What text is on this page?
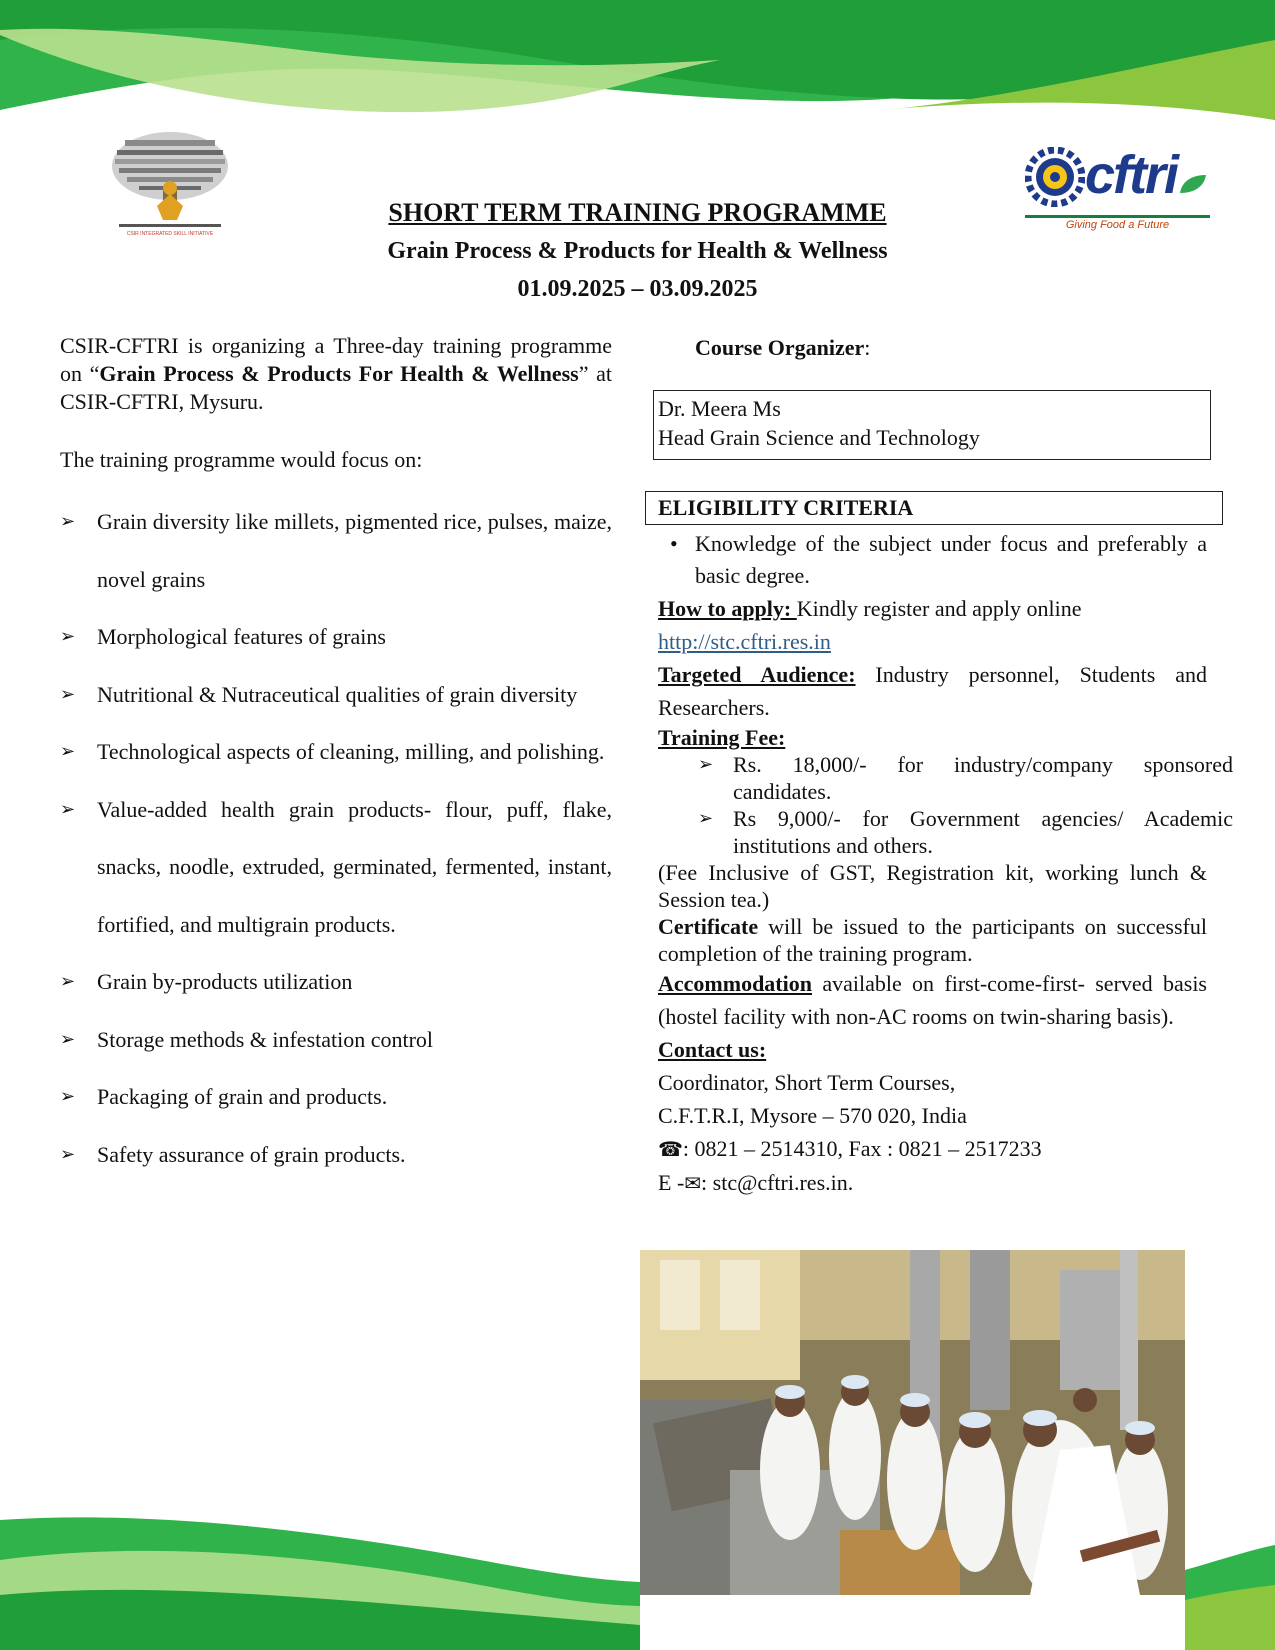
CSIR INTEGRATED SKILL INITIATIVE
cftri
Giving Food a Future
SHORT TERM TRAINING PROGRAMME
Grain Process & Products for Health & Wellness
01.09.2025 – 03.09.2025

CSIR-CFTRI is organizing a Three-day training programme on “Grain Process & Products For Health & Wellness” at CSIR-CFTRI, Mysuru.

The training programme would focus on:

➢ Grain diversity like millets, pigmented rice, pulses, maize, novel grains
➢ Morphological features of grains
➢ Nutritional & Nutraceutical qualities of grain diversity
➢ Technological aspects of cleaning, milling, and polishing.
➢ Value-added health grain products- flour, puff, flake, snacks, noodle, extruded, germinated, fermented, instant, fortified, and multigrain products.
➢ Grain by-products utilization
➢ Storage methods & infestation control
➢ Packaging of grain and products.
➢ Safety assurance of grain products.
Course Organizer:
Dr. Meera Ms
Head Grain Science and Technology
ELIGIBILITY CRITERIA
• Knowledge of the subject under focus and preferably a basic degree.
How to apply: Kindly register and apply online
http://stc.cftri.res.in
Targeted Audience: Industry personnel, Students and Researchers.
Training Fee:
➢ Rs. 18,000/- for industry/company sponsored candidates.
➢ Rs 9,000/- for Government agencies/ Academic institutions and others.
(Fee Inclusive of GST, Registration kit, working lunch & Session tea.)
Certificate will be issued to the participants on successful completion of the training program.
Accommodation available on first-come-first- served basis (hostel facility with non-AC rooms on twin-sharing basis).
Contact us:
Coordinator, Short Term Courses,
C.F.T.R.I, Mysore – 570 020, India
☎: 0821 – 2514310, Fax : 0821 – 2517233
E -✉: stc@cftri.res.in.
